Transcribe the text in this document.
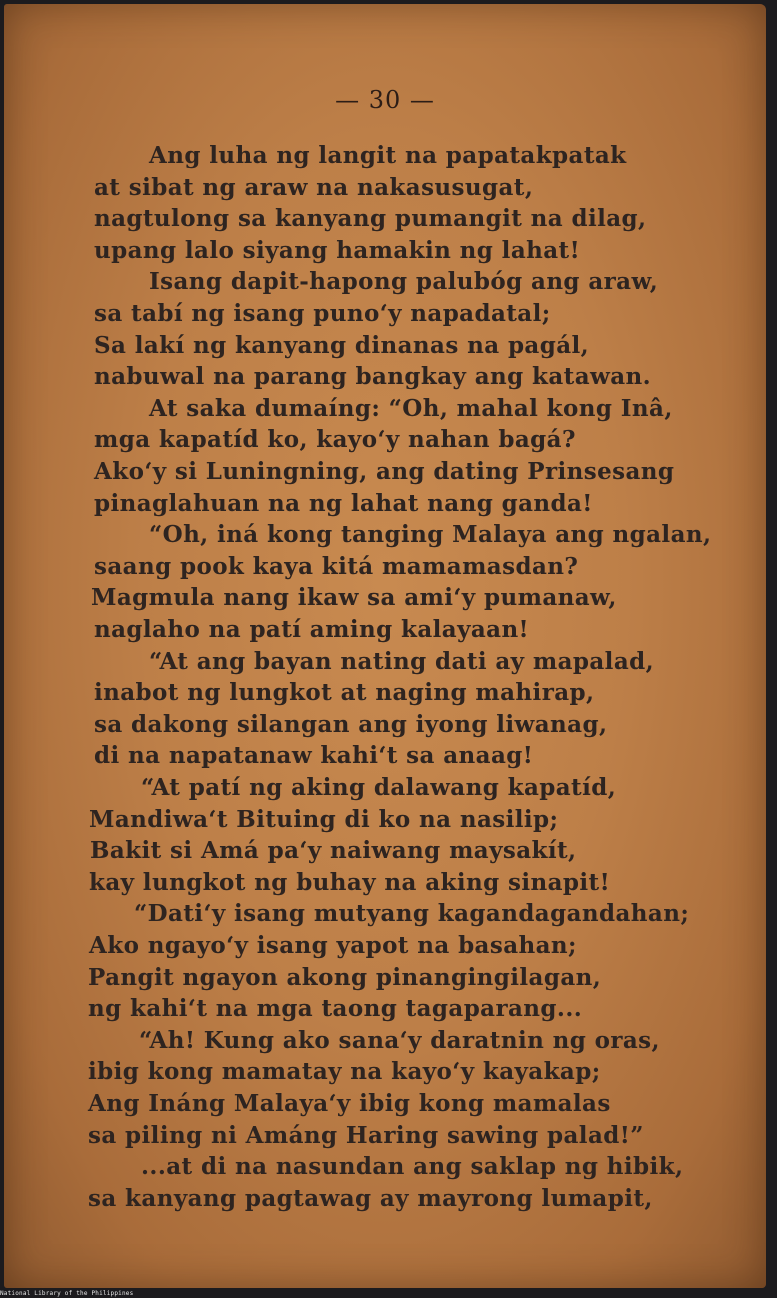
— 30 —
Ang luha ng langit na papatakpatak
at sibat ng araw na nakasusugat,
nagtulong sa kanyang pumangit na dilag,
upang lalo siyang hamakin ng lahat!
Isang dapit-hapong palubóg ang araw,
sa tabí ng isang puno‘y napadatal;
Sa lakí ng kanyang dinanas na pagál,
nabuwal na parang bangkay ang katawan.
At saka dumaíng: “Oh, mahal kong Inâ,
mga kapatíd ko, kayo‘y nahan bagá?
Ako‘y si Luningning, ang dating Prinsesang
pinaglahuan na ng lahat nang ganda!
“Oh, iná kong tanging Malaya ang ngalan,
saang pook kaya kitá mamamasdan?
Magmula nang ikaw sa ami‘y pumanaw,
naglaho na patí aming kalayaan!
“At ang bayan nating dati ay mapalad,
inabot ng lungkot at naging mahirap,
sa dakong silangan ang iyong liwanag,
di na napatanaw kahi‘t sa anaag!
“At patí ng aking dalawang kapatíd,
Mandiwa‘t Bituing di ko na nasilip;
Bakit si Amá pa‘y naiwang maysakít,
kay lungkot ng buhay na aking sinapit!
“Dati‘y isang mutyang kagandagandahan;
Ako ngayo‘y isang yapot na basahan;
Pangit ngayon akong pinangingilagan,
ng kahi‘t na mga taong tagaparang...
“Ah! Kung ako sana‘y daratnin ng oras,
ibig kong mamatay na kayo‘y kayakap;
Ang Ináng Malaya‘y ibig kong mamalas
sa piling ni Amáng Haring sawing palad!”
...at di na nasundan ang saklap ng hibik,
sa kanyang pagtawag ay mayrong lumapit,
National Library of the Philippines
